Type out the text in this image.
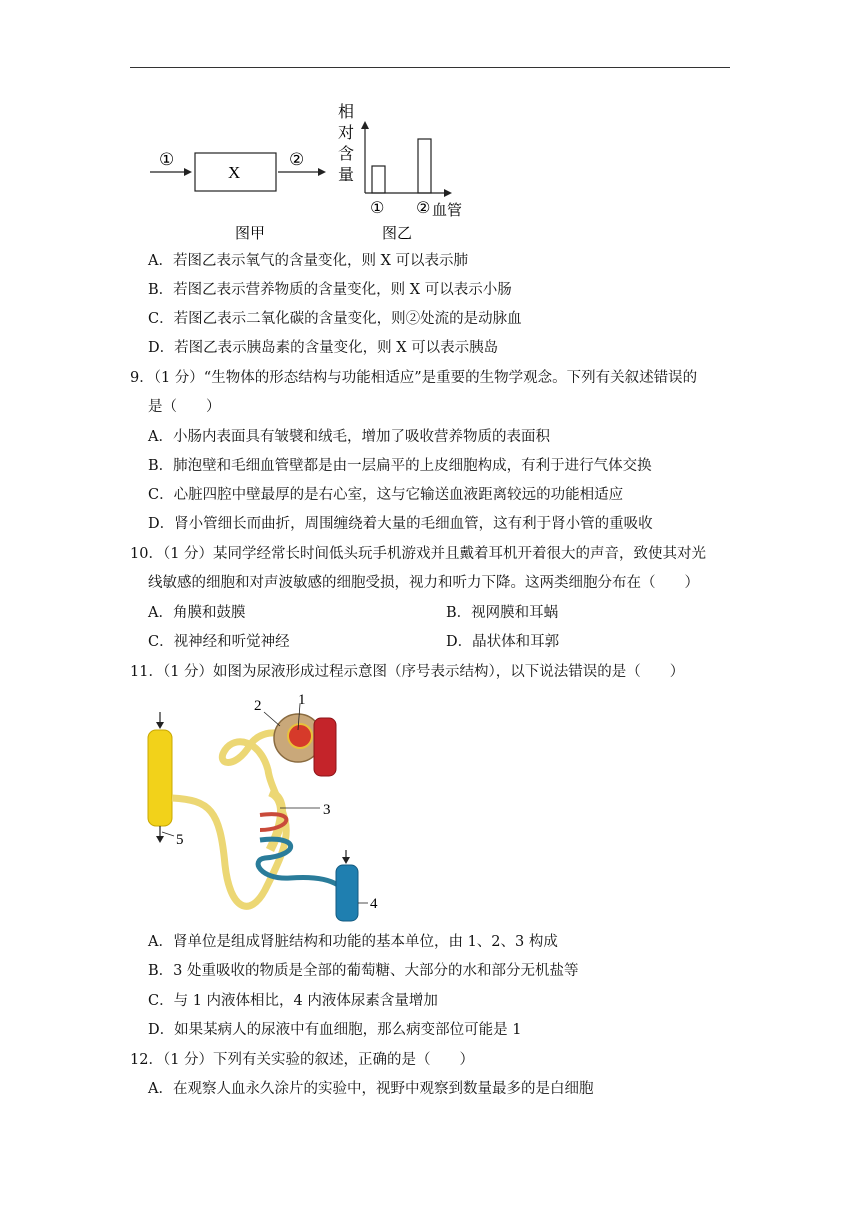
①
X
②
相
对
含
量
① ② 血管
图甲	图乙
A．若图乙表示氧气的含量变化，则 X 可以表示肺
B．若图乙表示营养物质的含量变化，则 X 可以表示小肠
C．若图乙表示二氧化碳的含量变化，则②处流的是动脉血
D．若图乙表示胰岛素的含量变化，则 X 可以表示胰岛
9．（1 分）“生物体的形态结构与功能相适应”是重要的生物学观念。下列有关叙述错误的
是（　　）
A．小肠内表面具有皱襞和绒毛，增加了吸收营养物质的表面积
B．肺泡壁和毛细血管壁都是由一层扁平的上皮细胞构成，有利于进行气体交换
C．心脏四腔中壁最厚的是右心室，这与它输送血液距离较远的功能相适应
D．肾小管细长而曲折，周围缠绕着大量的毛细血管，这有利于肾小管的重吸收
10．（1 分）某同学经常长时间低头玩手机游戏并且戴着耳机开着很大的声音，致使其对光
线敏感的细胞和对声波敏感的细胞受损，视力和听力下降。这两类细胞分布在（　　）
A．角膜和鼓膜	B．视网膜和耳蜗
C．视神经和听觉神经	D．晶状体和耳郭
11．（1 分）如图为尿液形成过程示意图（序号表示结构），以下说法错误的是（　　）
1
2
3
4
5
A．肾单位是组成肾脏结构和功能的基本单位，由 1、2、3 构成
B．3 处重吸收的物质是全部的葡萄糖、大部分的水和部分无机盐等
C．与 1 内液体相比，4 内液体尿素含量增加
D．如果某病人的尿液中有血细胞，那么病变部位可能是 1
12．（1 分）下列有关实验的叙述，正确的是（　　）
A．在观察人血永久涂片的实验中，视野中观察到数量最多的是白细胞
